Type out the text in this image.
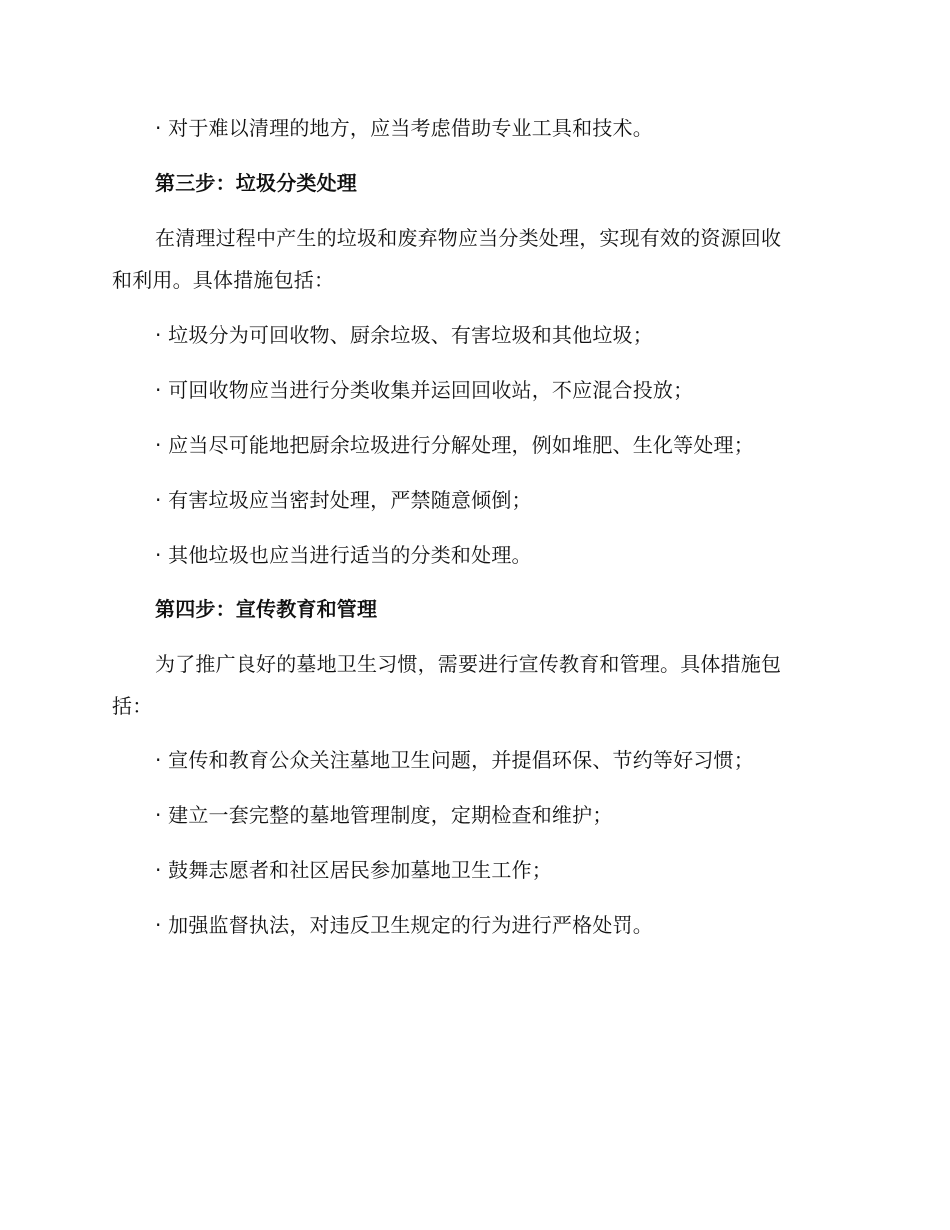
· 对于难以清理的地方，应当考虑借助专业工具和技术。
第三步：垃圾分类处理
在清理过程中产生的垃圾和废弃物应当分类处理，实现有效的资源回收
和利用。具体措施包括：
· 垃圾分为可回收物、厨余垃圾、有害垃圾和其他垃圾；
· 可回收物应当进行分类收集并运回回收站，不应混合投放；
· 应当尽可能地把厨余垃圾进行分解处理，例如堆肥、生化等处理；
· 有害垃圾应当密封处理，严禁随意倾倒；
· 其他垃圾也应当进行适当的分类和处理。
第四步：宣传教育和管理
为了推广良好的墓地卫生习惯，需要进行宣传教育和管理。具体措施包
括：
· 宣传和教育公众关注墓地卫生问题，并提倡环保、节约等好习惯；
· 建立一套完整的墓地管理制度，定期检查和维护；
· 鼓舞志愿者和社区居民参加墓地卫生工作；
· 加强监督执法，对违反卫生规定的行为进行严格处罚。
